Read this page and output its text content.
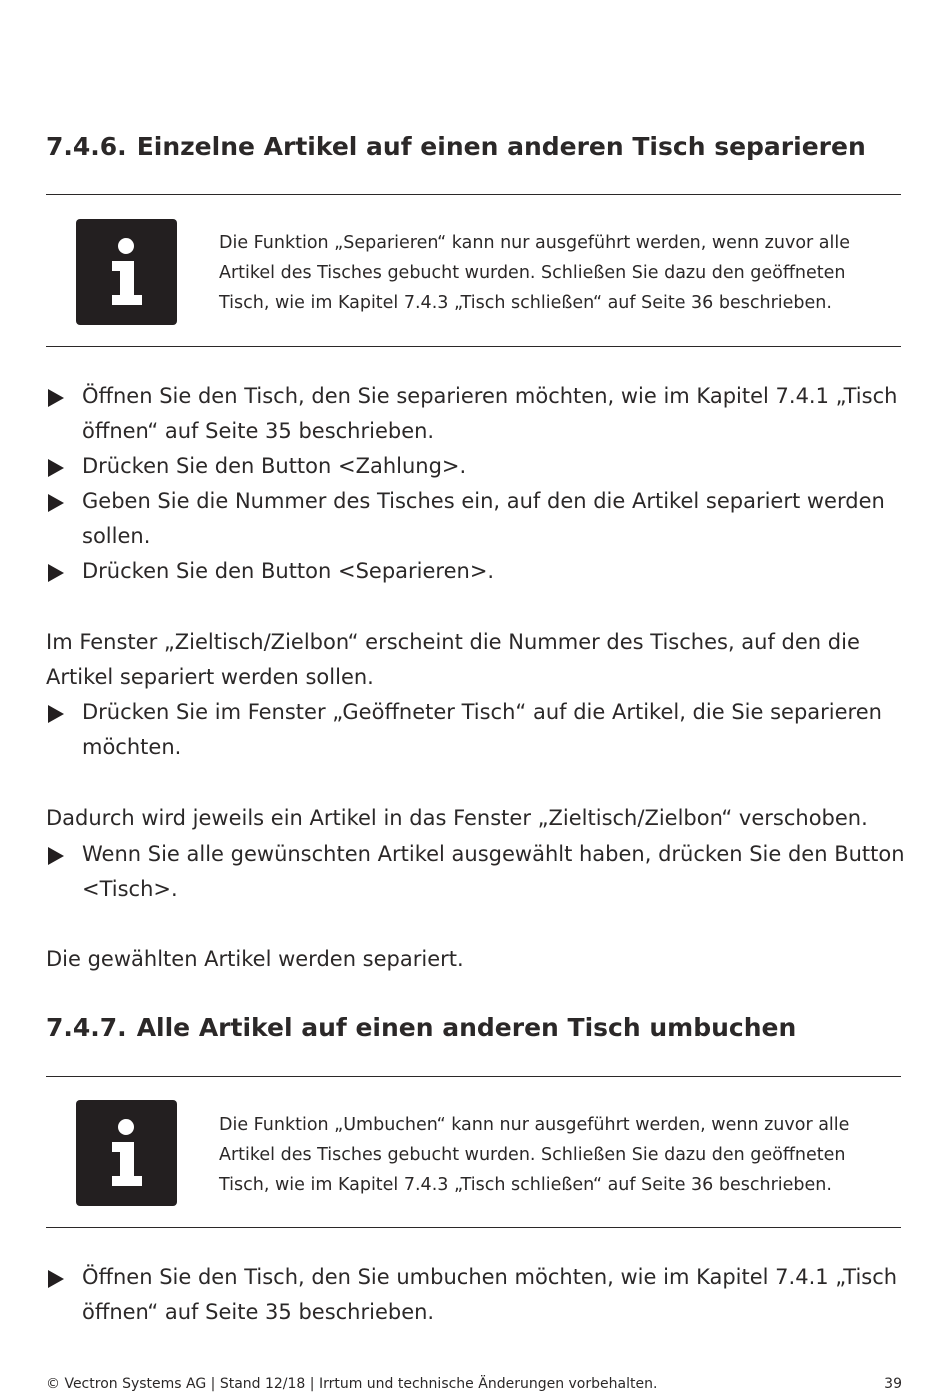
7.4.6. Einzelne Artikel auf einen anderen Tisch separieren
Die Funktion „Separieren“ kann nur ausgeführt werden, wenn zuvor alle
Artikel des Tisches gebucht wurden. Schließen Sie dazu den geöffneten
Tisch, wie im Kapitel 7.4.3 „Tisch schließen“ auf Seite 36 beschrieben.
Öffnen Sie den Tisch, den Sie separieren möchten, wie im Kapitel 7.4.1 „Tisch
öffnen“ auf Seite 35 beschrieben.
Drücken Sie den Button <Zahlung>.
Geben Sie die Nummer des Tisches ein, auf den die Artikel separiert werden
sollen.
Drücken Sie den Button <Separieren>.
Im Fenster „Zieltisch/Zielbon“ erscheint die Nummer des Tisches, auf den die
Artikel separiert werden sollen.
Drücken Sie im Fenster „Geöffneter Tisch“ auf die Artikel, die Sie separieren
möchten.
Dadurch wird jeweils ein Artikel in das Fenster „Zieltisch/Zielbon“ verschoben.
Wenn Sie alle gewünschten Artikel ausgewählt haben, drücken Sie den Button
<Tisch>.
Die gewählten Artikel werden separiert.
7.4.7. Alle Artikel auf einen anderen Tisch umbuchen
Die Funktion „Umbuchen“ kann nur ausgeführt werden, wenn zuvor alle
Artikel des Tisches gebucht wurden. Schließen Sie dazu den geöffneten
Tisch, wie im Kapitel 7.4.3 „Tisch schließen“ auf Seite 36 beschrieben.
Öffnen Sie den Tisch, den Sie umbuchen möchten, wie im Kapitel 7.4.1 „Tisch
öffnen“ auf Seite 35 beschrieben.
© Vectron Systems AG | Stand 12/18 | Irrtum und technische Änderungen vorbehalten.	39
